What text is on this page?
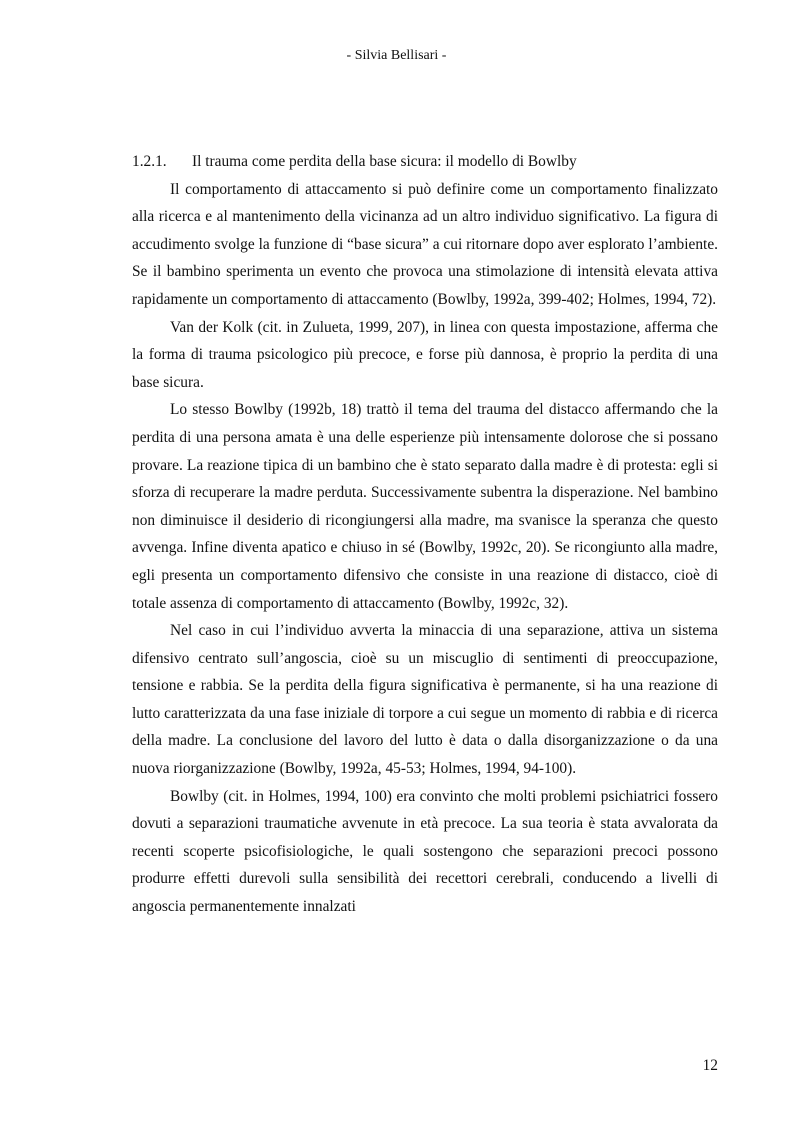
- Silvia Bellisari -
1.2.1.	Il trauma come perdita della base sicura: il modello di Bowlby

Il comportamento di attaccamento si può definire come un comportamento finalizzato alla ricerca e al mantenimento della vicinanza ad un altro individuo significativo. La figura di accudimento svolge la funzione di “base sicura” a cui ritornare dopo aver esplorato l’ambiente. Se il bambino sperimenta un evento che provoca una stimolazione di intensità elevata attiva rapidamente un comportamento di attaccamento (Bowlby, 1992a, 399-402; Holmes, 1994, 72).

Van der Kolk (cit. in Zulueta, 1999, 207), in linea con questa impostazione, afferma che la forma di trauma psicologico più precoce, e forse più dannosa, è proprio la perdita di una base sicura.

Lo stesso Bowlby (1992b, 18) trattò il tema del trauma del distacco affermando che la perdita di una persona amata è una delle esperienze più intensamente dolorose che si possano provare. La reazione tipica di un bambino che è stato separato dalla madre è di protesta: egli si sforza di recuperare la madre perduta. Successivamente subentra la disperazione. Nel bambino non diminuisce il desiderio di ricongiungersi alla madre, ma svanisce la speranza che questo avvenga. Infine diventa apatico e chiuso in sé (Bowlby, 1992c, 20). Se ricongiunto alla madre, egli presenta un comportamento difensivo che consiste in una reazione di distacco, cioè di totale assenza di comportamento di attaccamento (Bowlby, 1992c, 32).

Nel caso in cui l’individuo avverta la minaccia di una separazione, attiva un sistema difensivo centrato sull’angoscia, cioè su un miscuglio di sentimenti di preoccupazione, tensione e rabbia. Se la perdita della figura significativa è permanente, si ha una reazione di lutto caratterizzata da una fase iniziale di torpore a cui segue un momento di rabbia e di ricerca della madre. La conclusione del lavoro del lutto è data o dalla disorganizzazione o da una nuova riorganizzazione (Bowlby, 1992a, 45-53; Holmes, 1994, 94-100).

Bowlby (cit. in Holmes, 1994, 100) era convinto che molti problemi psichiatrici fossero dovuti a separazioni traumatiche avvenute in età precoce. La sua teoria è stata avvalorata da recenti scoperte psicofisiologiche, le quali sostengono che separazioni precoci possono produrre effetti durevoli sulla sensibilità dei recettori cerebrali, conducendo a livelli di angoscia permanentemente innalzati

12
